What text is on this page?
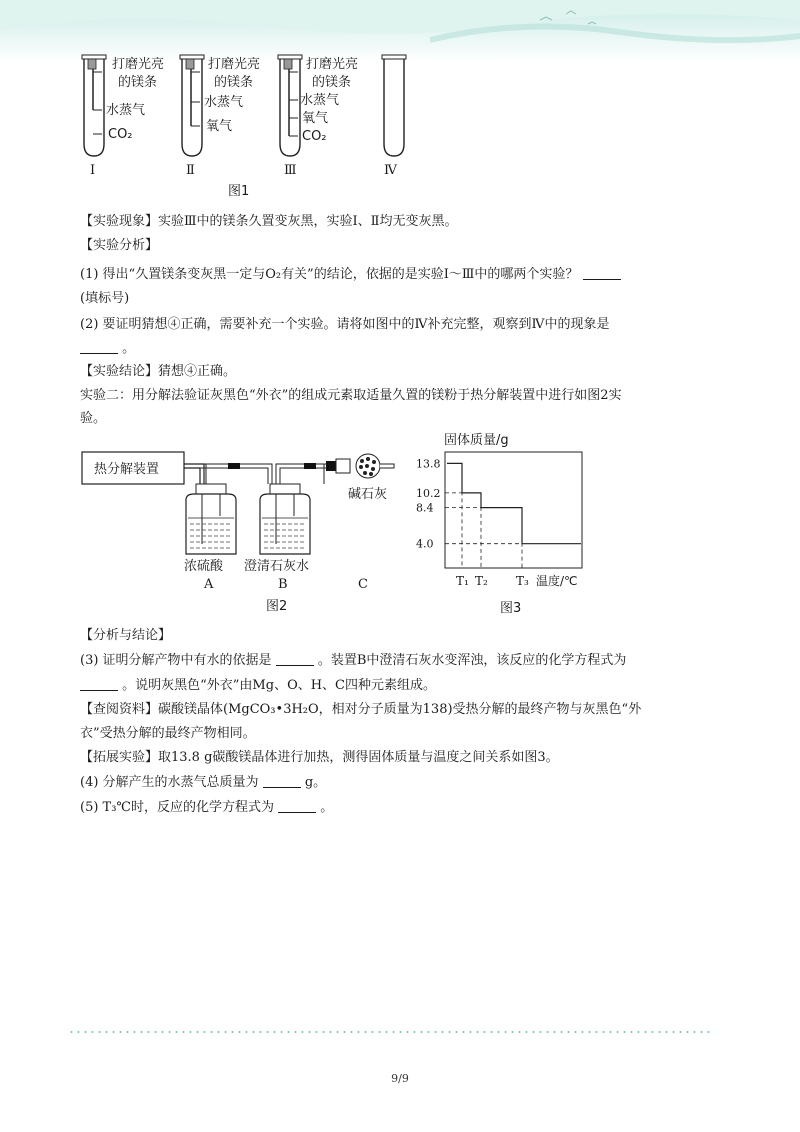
打磨光亮
的镁条
水蒸气
CO₂
Ⅰ
打磨光亮
的镁条
水蒸气
氧气
Ⅱ
打磨光亮
的镁条
水蒸气
氧气
CO₂
Ⅲ	Ⅳ
图1
【实验现象】实验Ⅲ中的镁条久置变灰黑，实验Ⅰ、Ⅱ均无变灰黑。
【实验分析】
(1) 得出“久置镁条变灰黑一定与O₂有关”的结论，依据的是实验Ⅰ～Ⅲ中的哪两个实验？
(填标号)
(2) 要证明猜想④正确，需要补充一个实验。请将如图中的Ⅳ补充完整，观察到Ⅳ中的现象是
。
【实验结论】猜想④正确。
实验二：用分解法验证灰黑色“外衣”的组成元素取适量久置的镁粉于热分解装置中进行如图2实
验。
热分解装置
碱石灰
浓硫酸
A
澄清石灰水
B	C
图2
固体质量/g
13.8
10.2
8.4
4.0
T₁ T₂ T₃ 温度/℃
图3
【分析与结论】
(3) 证明分解产物中有水的依据是	。装置B中澄清石灰水变浑浊，该反应的化学方程式为
。说明灰黑色“外衣”由Mg、O、H、C四种元素组成。
【查阅资料】碳酸镁晶体(MgCO₃•3H₂O，相对分子质量为138)受热分解的最终产物与灰黑色“外
衣”受热分解的最终产物相同。
【拓展实验】取13.8 g碳酸镁晶体进行加热，测得固体质量与温度之间关系如图3。
(4) 分解产生的水蒸气总质量为	g。
(5) T₃℃时，反应的化学方程式为	。
9/9
